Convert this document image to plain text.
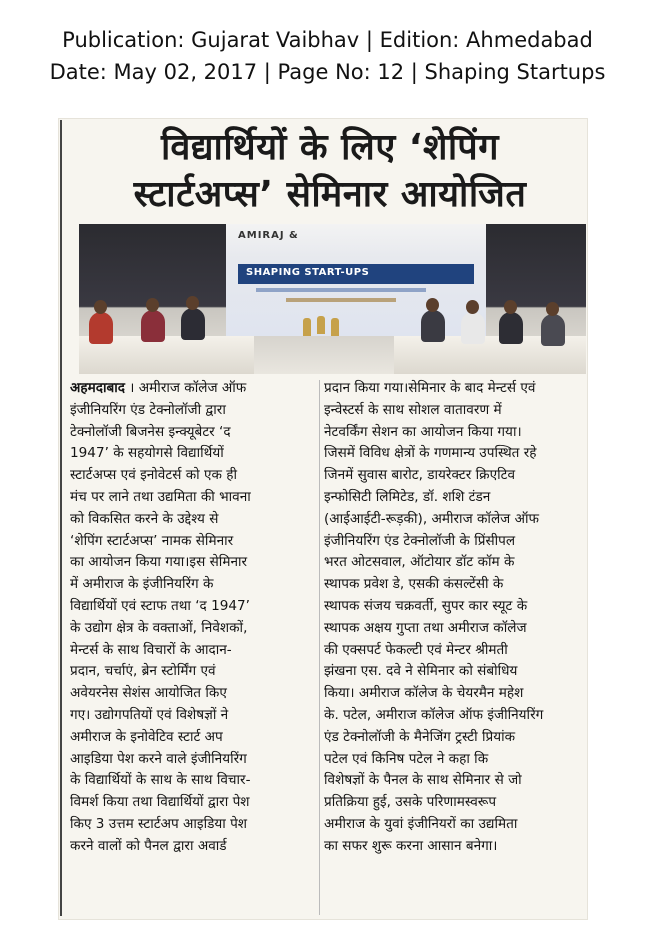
Publication: Gujarat Vaibhav | Edition: Ahmedabad
Date: May 02, 2017 | Page No: 12 | Shaping Startups
विद्यार्थियों के लिए ‘शेपिंग
स्टार्टअप्स’ सेमिनार आयोजित
AMIRAJ &
SHAPING START-UPS
अहमदाबाद । अमीराज कॉलेज ऑफ
इंजीनियरिंग एंड टेक्नोलॉजी द्वारा
टेक्नोलॉजी बिजनेस इन्क्यूबेटर ‘द
1947’ के सहयोगसे विद्यार्थियों
स्टार्टअप्स एवं इनोवेटर्स को एक ही
मंच पर लाने तथा उद्यमिता की भावना
को विकसित करने के उद्देश्य से
‘शेपिंग स्टार्टअप्स’ नामक सेमिनार
का आयोजन किया गया।इस सेमिनार
में अमीराज के इंजीनियरिंग के
विद्यार्थियों एवं स्टाफ तथा ‘द 1947’
के उद्योग क्षेत्र के वक्ताओं, निवेशकों,
मेन्टर्स के साथ विचारों के आदान-
प्रदान, चर्चाएं, ब्रेन स्टोर्मिंग एवं
अवेयरनेस सेशंस आयोजित किए
गए। उद्योगपतियों एवं विशेषज्ञों ने
अमीराज के इनोवेटिव स्टार्ट अप
आइडिया पेश करने वाले इंजीनियरिंग
के विद्यार्थियों के साथ के साथ विचार-
विमर्श किया तथा विद्यार्थियों द्वारा पेश
किए 3 उत्तम स्टार्टअप आइडिया पेश
करने वालों को पैनल द्वारा अवार्ड
प्रदान किया गया।सेमिनार के बाद मेन्टर्स एवं
इन्वेस्टर्स के साथ सोशल वातावरण में
नेटवर्किंग सेशन का आयोजन किया गया।
जिसमें विविध क्षेत्रों के गणमान्य उपस्थित रहे
जिनमें सुवास बारोट, डायरेक्टर क्रिएटिव
इन्फोसिटी लिमिटेड, डॉ. शशि टंडन
(आईआईटी-रूड़की), अमीराज कॉलेज ऑफ
इंजीनियरिंग एंड टेक्नोलॉजी के प्रिंसीपल
भरत ओटसवाल, ऑटोयार डॉट कॉम के
स्थापक प्रवेश डे, एसकी कंसल्टेंसी के
स्थापक संजय चक्रवर्ती, सुपर कार स्यूट के
स्थापक अक्षय गुप्ता तथा अमीराज कॉलेज
की एक्सपर्ट फेकल्टी एवं मेन्टर श्रीमती
झंखना एस. दवे ने सेमिनार को संबोधिय
किया। अमीराज कॉलेज के चेयरमैन महेश
के. पटेल, अमीराज कॉलेज ऑफ इंजीनियरिंग
एंड टेक्नोलॉजी के मैनेजिंग ट्रस्टी प्रियांक
पटेल एवं किनिष पटेल ने कहा कि
विशेषज्ञों के पैनल के साथ सेमिनार से जो
प्रतिक्रिया हुई, उसके परिणामस्वरूप
अमीराज के युवां इंजीनियरों का उद्यमिता
का सफर शुरू करना आसान बनेगा।
